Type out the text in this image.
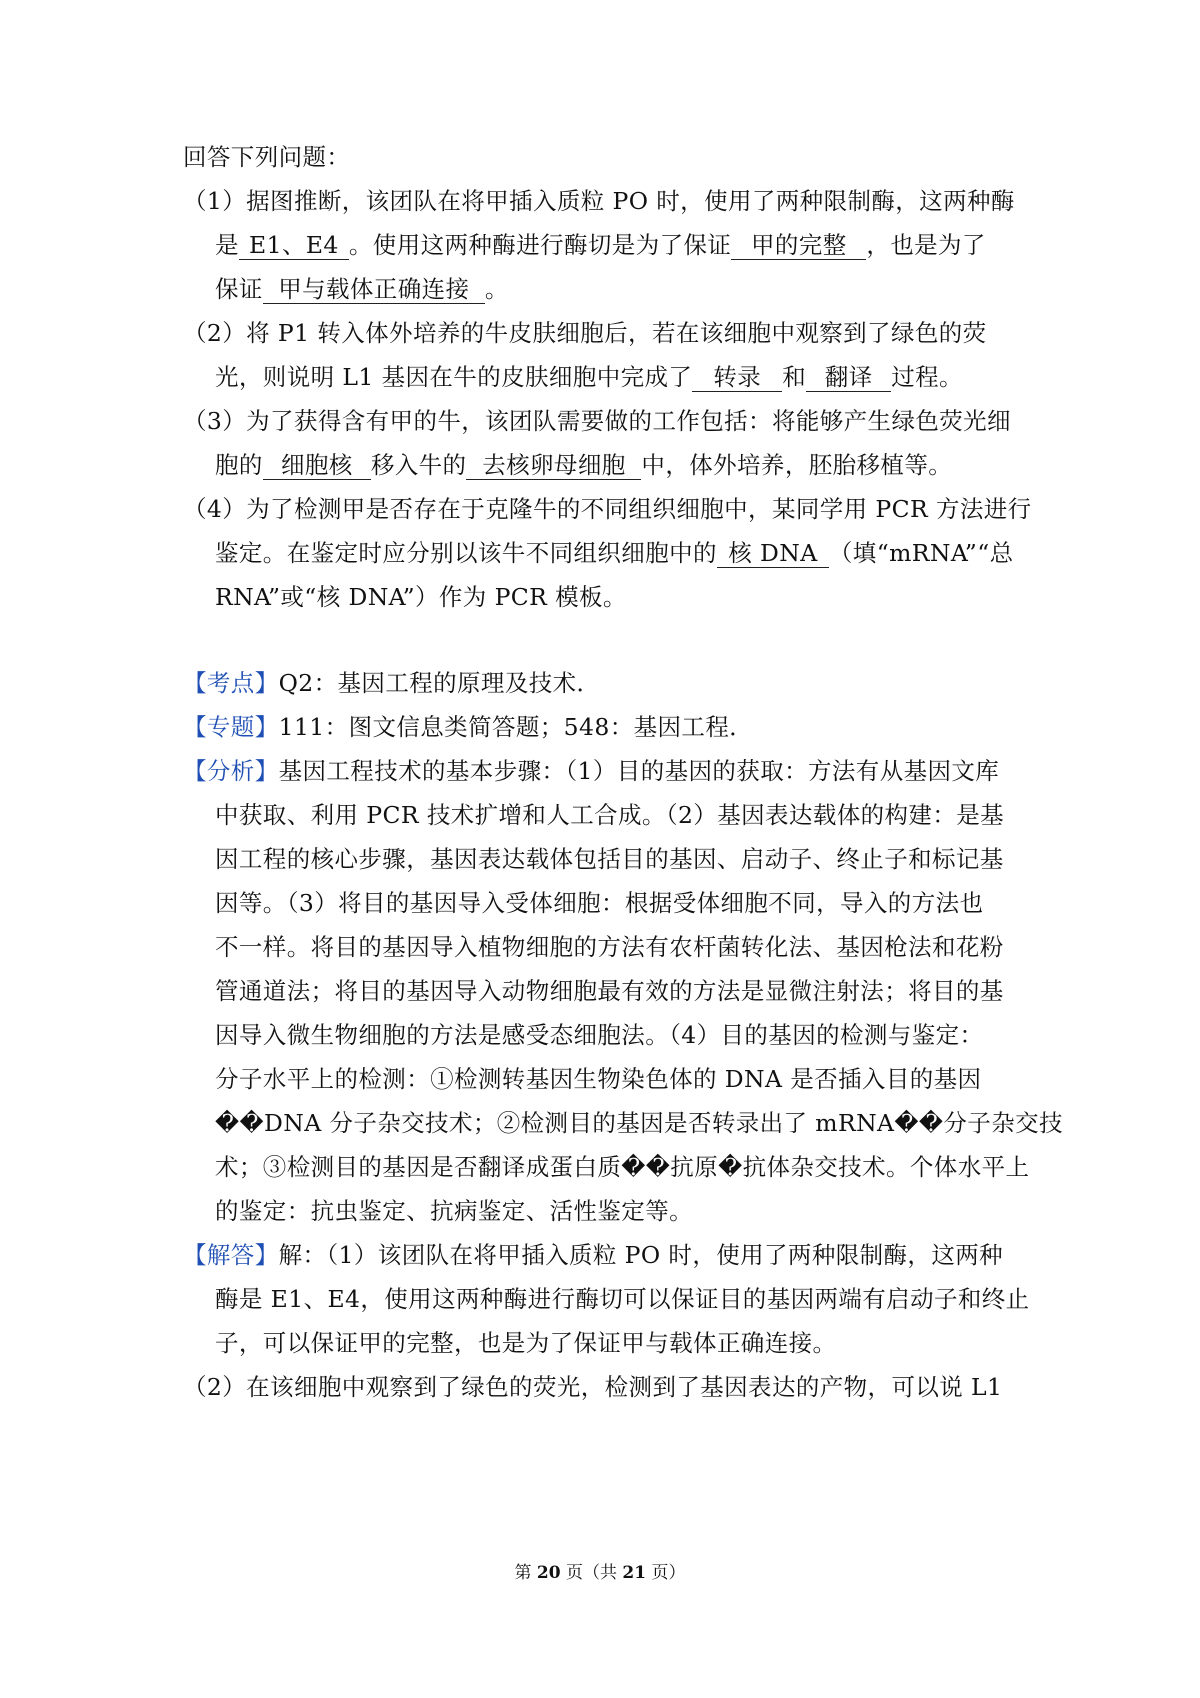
回答下列问题：
（1）据图推断，该团队在将甲插入质粒 PO 时，使用了两种限制酶，这两种酶
是 E1、E4 。使用这两种酶进行酶切是为了保证 甲的完整 ，也是为了
保证 甲与载体正确连接 。
（2）将 P1 转入体外培养的牛皮肤细胞后，若在该细胞中观察到了绿色的荧
光，则说明 L1 基因在牛的皮肤细胞中完成了 转录 和 翻译 过程。
（3）为了获得含有甲的牛，该团队需要做的工作包括：将能够产生绿色荧光细
胞的 细胞核 移入牛的 去核卵母细胞 中，体外培养，胚胎移植等。
（4）为了检测甲是否存在于克隆牛的不同组织细胞中，某同学用 PCR 方法进行
鉴定。在鉴定时应分别以该牛不同组织细胞中的 核 DNA （填“mRNA”“总
RNA”或“核 DNA”）作为 PCR 模板。
【考点】Q2：基因工程的原理及技术．
【专题】111：图文信息类简答题；548：基因工程．
【分析】基因工程技术的基本步骤：（1）目的基因的获取：方法有从基因文库
中获取、利用 PCR 技术扩增和人工合成。（2）基因表达载体的构建：是基
因工程的核心步骤，基因表达载体包括目的基因、启动子、终止子和标记基
因等。（3）将目的基因导入受体细胞：根据受体细胞不同，导入的方法也
不一样。将目的基因导入植物细胞的方法有农杆菌转化法、基因枪法和花粉
管通道法；将目的基因导入动物细胞最有效的方法是显微注射法；将目的基
因导入微生物细胞的方法是感受态细胞法。（4）目的基因的检测与鉴定：
分子水平上的检测：①检测转基因生物染色体的 DNA 是否插入目的基因
��DNA 分子杂交技术；②检测目的基因是否转录出了 mRNA��分子杂交技
术；③检测目的基因是否翻译成蛋白质��抗原�抗体杂交技术。个体水平上
的鉴定：抗虫鉴定、抗病鉴定、活性鉴定等。
【解答】解：（1）该团队在将甲插入质粒 PO 时，使用了两种限制酶，这两种
酶是 E1、E4，使用这两种酶进行酶切可以保证目的基因两端有启动子和终止
子，可以保证甲的完整，也是为了保证甲与载体正确连接。
（2）在该细胞中观察到了绿色的荧光，检测到了基因表达的产物，可以说 L1
第 20 页（共 21 页）
